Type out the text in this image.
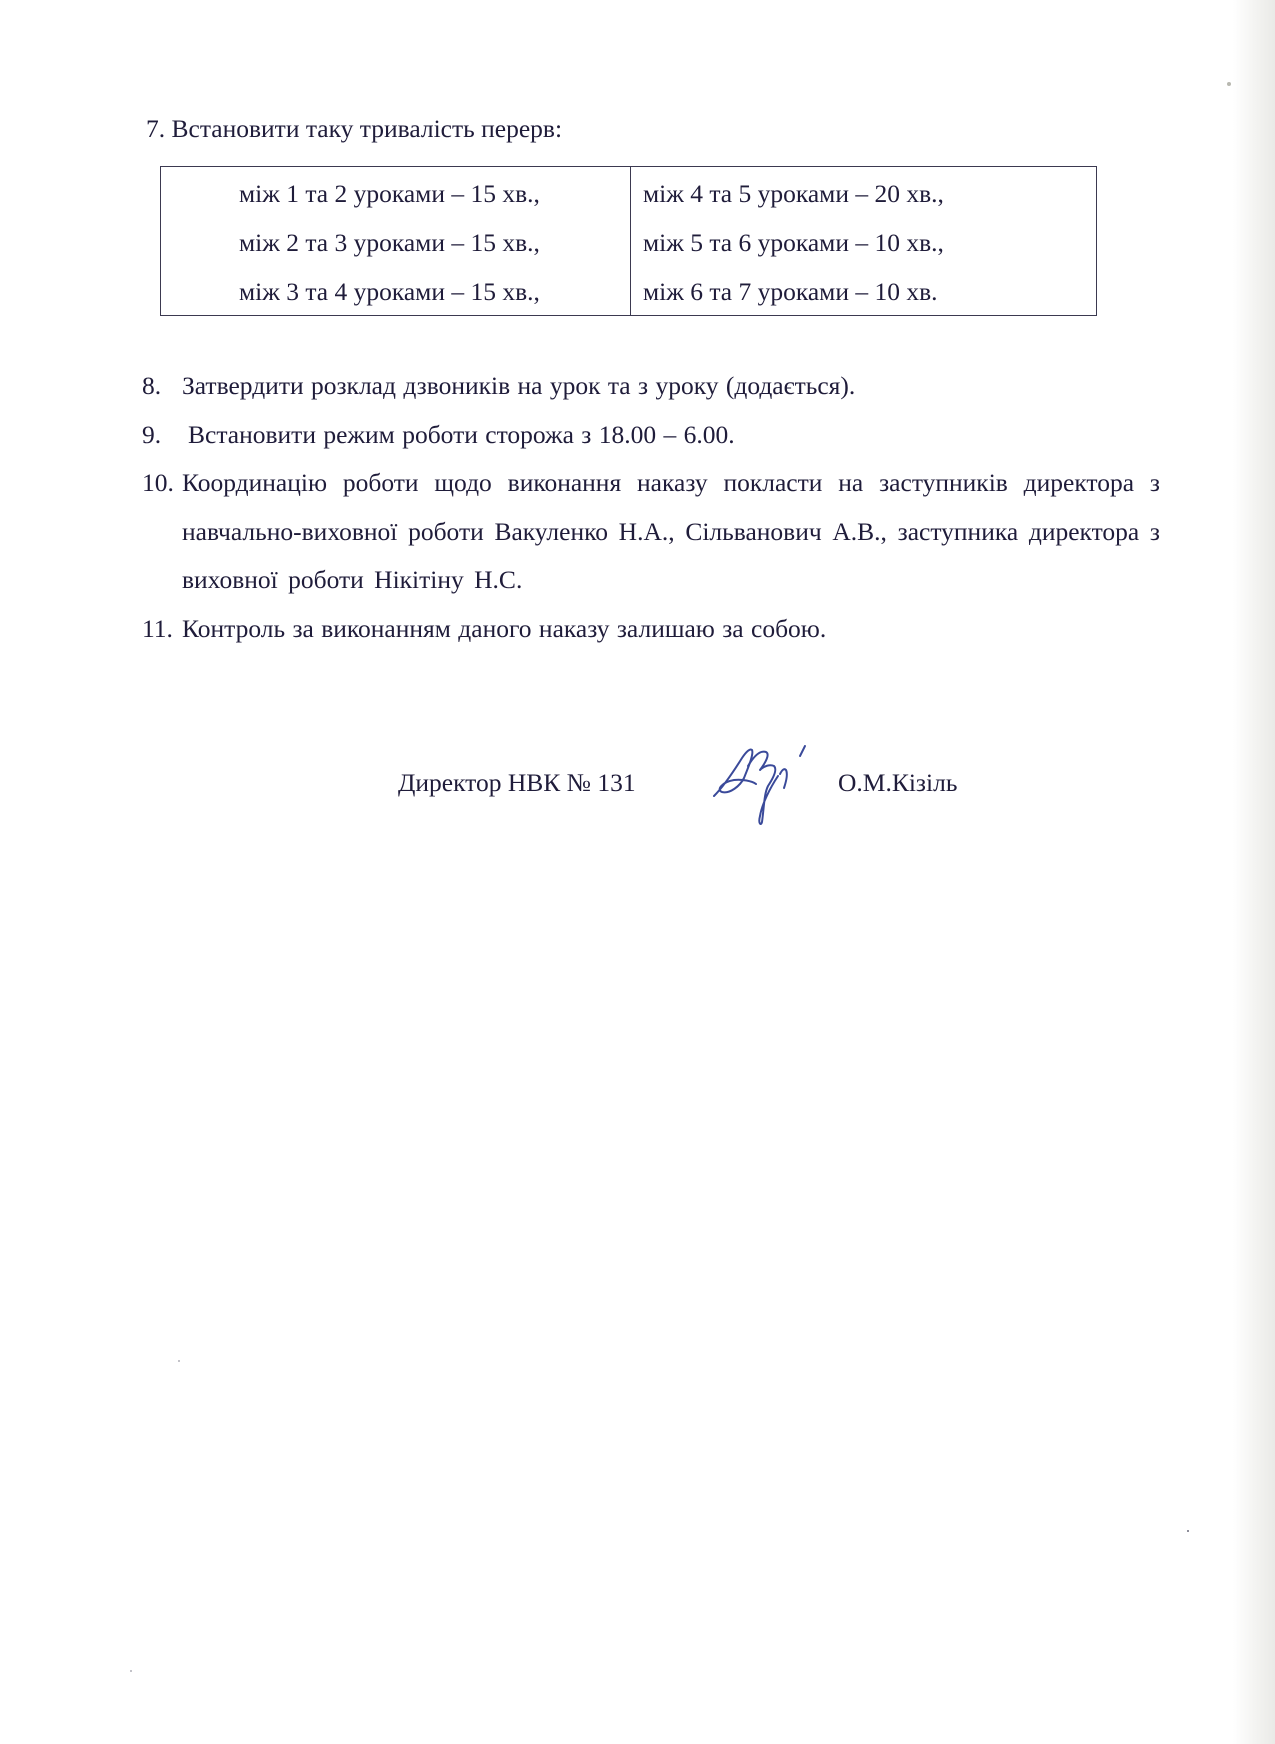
7. Встановити таку тривалість перерв:
між 1 та 2 уроками – 15 хв.,
між 2 та 3 уроками – 15 хв.,
між 3 та 4 уроками – 15 хв.,
між 4 та 5 уроками – 20 хв.,
між 5 та 6 уроками – 10 хв.,
між 6 та 7 уроками – 10 хв.
8. Затвердити розклад дзвоників на урок та з уроку (додається).
9.	Встановити режим роботи сторожа з 18.00 – 6.00.
10. Координацію роботи щодо виконання наказу покласти на заступників директора з навчально-виховної роботи Вакуленко Н.А., Сільванович А.В., заступника директора з виховної роботи Нікітіну Н.С.
11. Контроль за виконанням даного наказу залишаю за собою.
Директор НВК № 131	О.М.Кізіль
